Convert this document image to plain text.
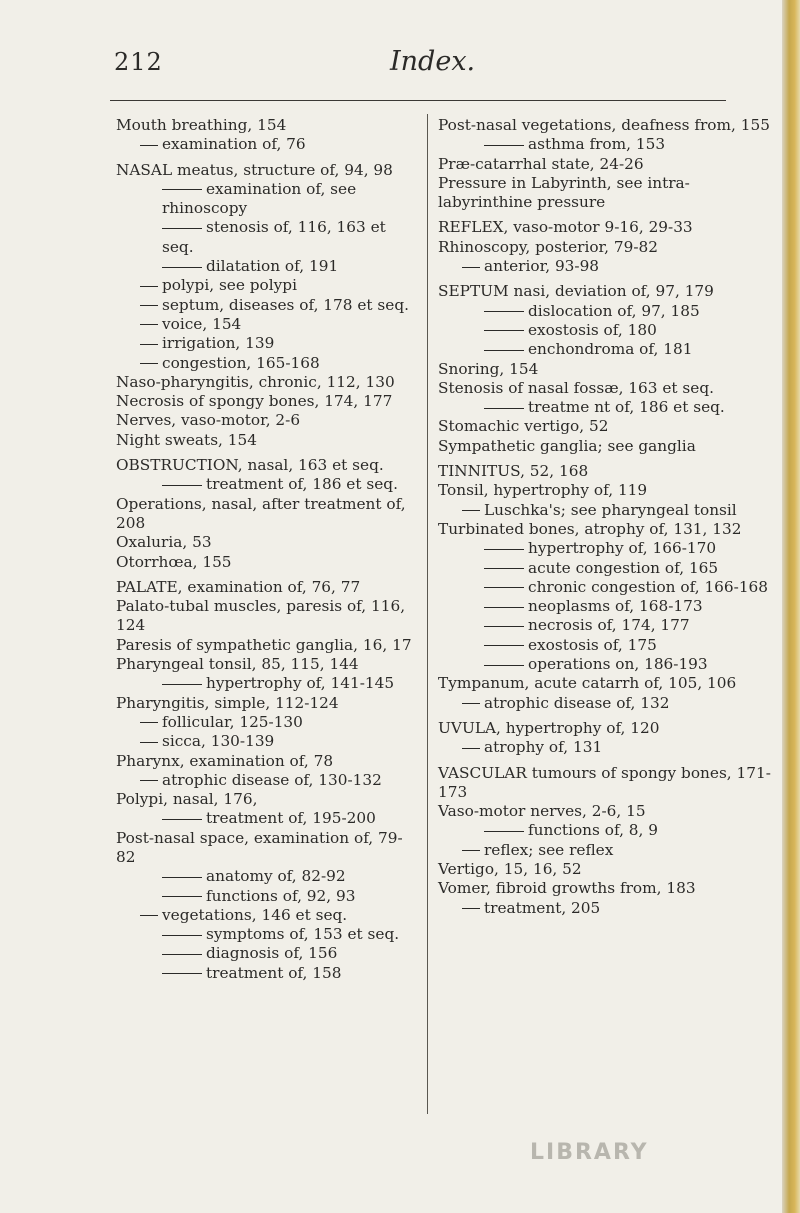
212	Index.
Mouth breathing, 154
examination of, 76
NASAL meatus, structure of, 94, 98
examination of, see rhinoscopy
stenosis of, 116, 163 et seq.
dilatation of, 191
polypi, see polypi
septum, diseases of, 178 et seq.
voice, 154
irrigation, 139
congestion, 165-168
Naso-pharyngitis, chronic, 112, 130
Necrosis of spongy bones, 174, 177
Nerves, vaso-motor, 2-6
Night sweats, 154
OBSTRUCTION, nasal, 163 et seq.
treatment of, 186 et seq.
Operations, nasal, after treatment of, 208
Oxaluria, 53
Otorrhœa, 155
PALATE, examination of, 76, 77
Palato-tubal muscles, paresis of, 116, 124
Paresis of sympathetic ganglia, 16, 17
Pharyngeal tonsil, 85, 115, 144
hypertrophy of, 141-145
Pharyngitis, simple, 112-124
follicular, 125-130
sicca, 130-139
Pharynx, examination of, 78
atrophic disease of, 130-132
Polypi, nasal, 176,
treatment of, 195-200
Post-nasal space, examination of, 79-82
anatomy of, 82-92
functions of, 92, 93
vegetations, 146 et seq.
symptoms of, 153 et seq.
diagnosis of, 156
treatment of, 158
Post-nasal vegetations, deafness from, 155
asthma from, 153
Præ-catarrhal state, 24-26
Pressure in Labyrinth, see intra-labyrinthine pressure
REFLEX, vaso-motor 9-16, 29-33
Rhinoscopy, posterior, 79-82
anterior, 93-98
SEPTUM nasi, deviation of, 97, 179
dislocation of, 97, 185
exostosis of, 180
enchondroma of, 181
Snoring, 154
Stenosis of nasal fossæ, 163 et seq.
treatme nt of, 186 et seq.
Stomachic vertigo, 52
Sympathetic ganglia; see ganglia
TINNITUS, 52, 168
Tonsil, hypertrophy of, 119
Luschka's; see pharyngeal tonsil
Turbinated bones, atrophy of, 131, 132
hypertrophy of, 166-170
acute congestion of, 165
chronic congestion of, 166-168
neoplasms of, 168-173
necrosis of, 174, 177
exostosis of, 175
operations on, 186-193
Tympanum, acute catarrh of, 105, 106
atrophic disease of, 132
UVULA, hypertrophy of, 120
atrophy of, 131
VASCULAR tumours of spongy bones, 171-173
Vaso-motor nerves, 2-6, 15
functions of, 8, 9
reflex; see reflex
Vertigo, 15, 16, 52
Vomer, fibroid growths from, 183
treatment, 205
LIBRARY
